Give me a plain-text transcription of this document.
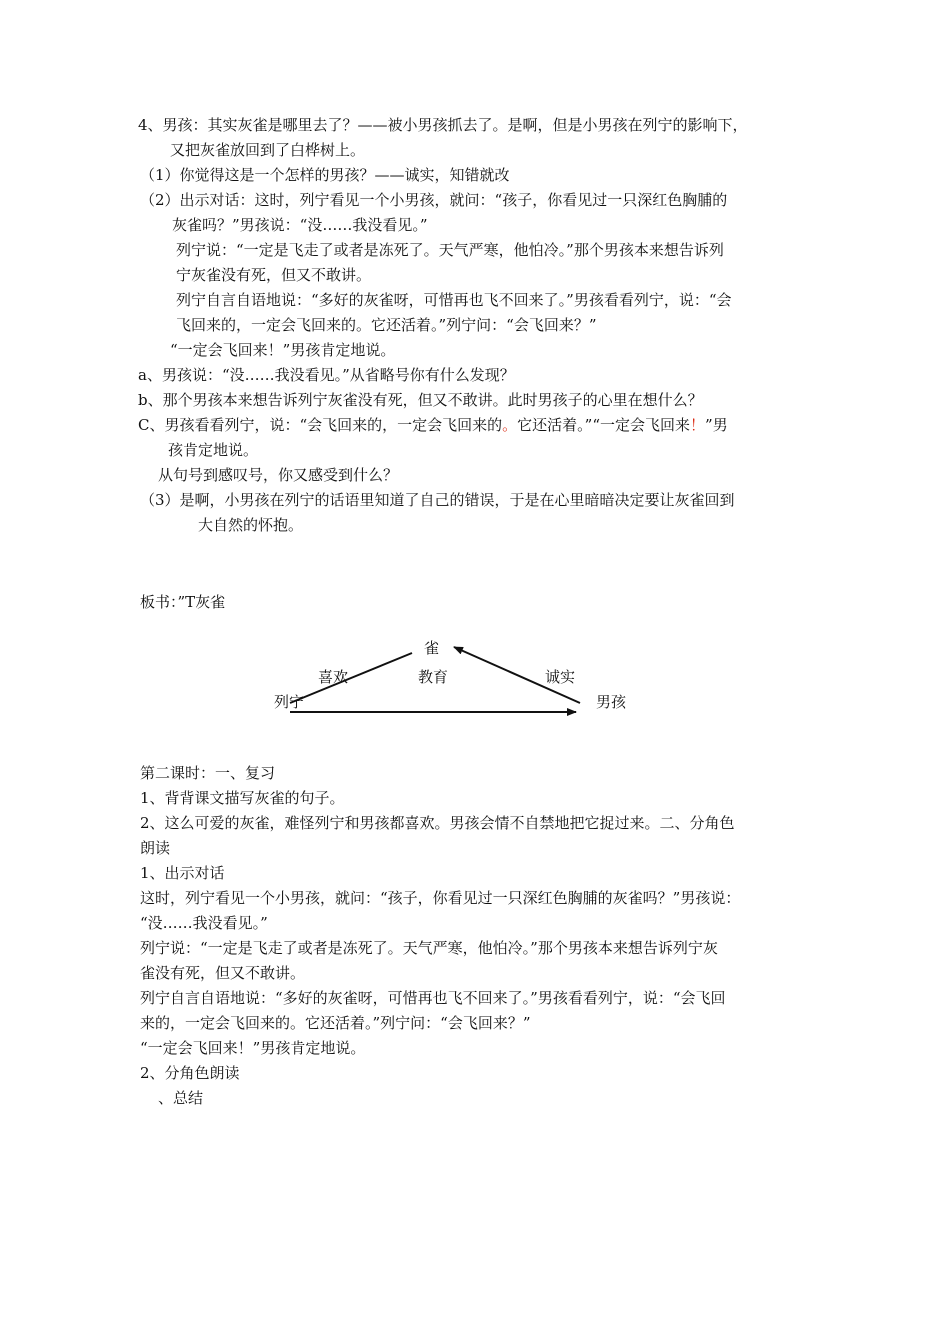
4、男孩：其实灰雀是哪里去了？——被小男孩抓去了。是啊，但是小男孩在列宁的影响下，
又把灰雀放回到了白桦树上。
（1）你觉得这是一个怎样的男孩？——诚实，知错就改
（2）出示对话：这时，列宁看见一个小男孩，就问：“孩子，你看见过一只深红色胸脯的
灰雀吗？”男孩说：“没……我没看见。”
列宁说：“一定是飞走了或者是冻死了。天气严寒，他怕冷。”那个男孩本来想告诉列
宁灰雀没有死，但又不敢讲。
列宁自言自语地说：“多好的灰雀呀，可惜再也飞不回来了。”男孩看看列宁，说：“会
飞回来的，一定会飞回来的。它还活着。”列宁问：“会飞回来？”
“一定会飞回来！”男孩肯定地说。
a、男孩说：“没……我没看见。”从省略号你有什么发现？
b、那个男孩本来想告诉列宁灰雀没有死，但又不敢讲。此时男孩子的心里在想什么？
C、男孩看看列宁，说：“会飞回来的，一定会飞回来的。它还活着。”“一定会飞回来！”男
孩肯定地说。
从句号到感叹号，你又感受到什么？
（3）是啊，小男孩在列宁的话语里知道了自己的错误，于是在心里暗暗决定要让灰雀回到
大自然的怀抱。
板书：”T灰雀
雀
喜欢	教育	诚实
列宁	男孩
第二课时：一、复习
1、背背课文描写灰雀的句子。
2、这么可爱的灰雀，难怪列宁和男孩都喜欢。男孩会情不自禁地把它捉过来。二、分角色
朗读
1、出示对话
这时，列宁看见一个小男孩，就问：“孩子，你看见过一只深红色胸脯的灰雀吗？”男孩说：
“没……我没看见。”
列宁说：“一定是飞走了或者是冻死了。天气严寒，他怕冷。”那个男孩本来想告诉列宁灰
雀没有死，但又不敢讲。
列宁自言自语地说：“多好的灰雀呀，可惜再也飞不回来了。”男孩看看列宁，说：“会飞回
来的，一定会飞回来的。它还活着。”列宁问：“会飞回来？”
“一定会飞回来！”男孩肯定地说。
2、分角色朗读
、总结
